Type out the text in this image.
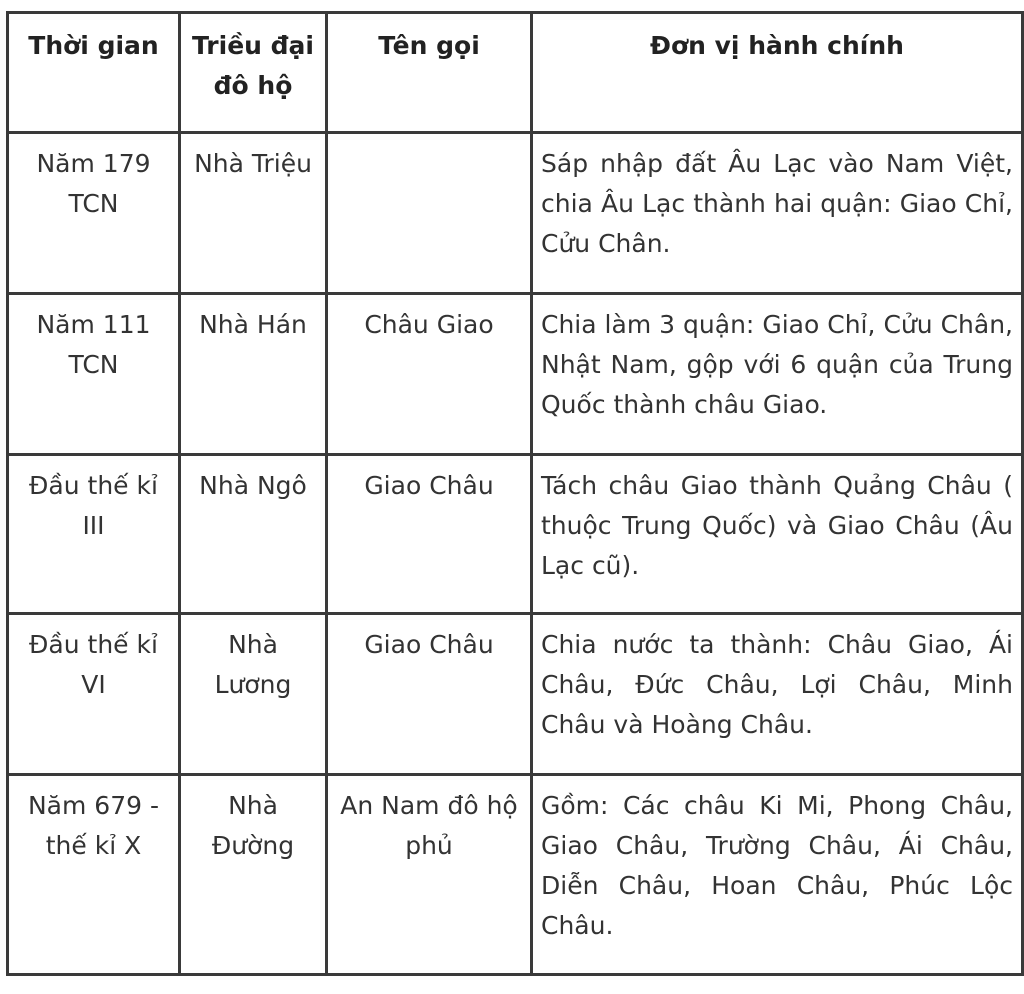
Thời gian	Triều đại đô hộ	Tên gọi	Đơn vị hành chính
Năm 179 TCN	Nhà Triệu		Sáp nhập đất Âu Lạc vào Nam Việt, chia Âu Lạc thành hai quận: Giao Chỉ, Cửu Chân.
Năm 111 TCN	Nhà Hán	Châu Giao	Chia làm 3 quận: Giao Chỉ, Cửu Chân, Nhật Nam, gộp với 6 quận của Trung Quốc thành châu Giao.
Đầu thế kỉ III	Nhà Ngô	Giao Châu	Tách châu Giao thành Quảng Châu ( thuộc Trung Quốc) và Giao Châu (Âu Lạc cũ).
Đầu thế kỉ VI	Nhà Lương	Giao Châu	Chia nước ta thành: Châu Giao, Ái Châu, Đức Châu, Lợi Châu, Minh Châu và Hoàng Châu.
Năm 679 - thế kỉ X	Nhà Đường	An Nam đô hộ phủ	Gồm: Các châu Ki Mi, Phong Châu, Giao Châu, Trường Châu, Ái Châu, Diễn Châu, Hoan Châu, Phúc Lộc Châu.
